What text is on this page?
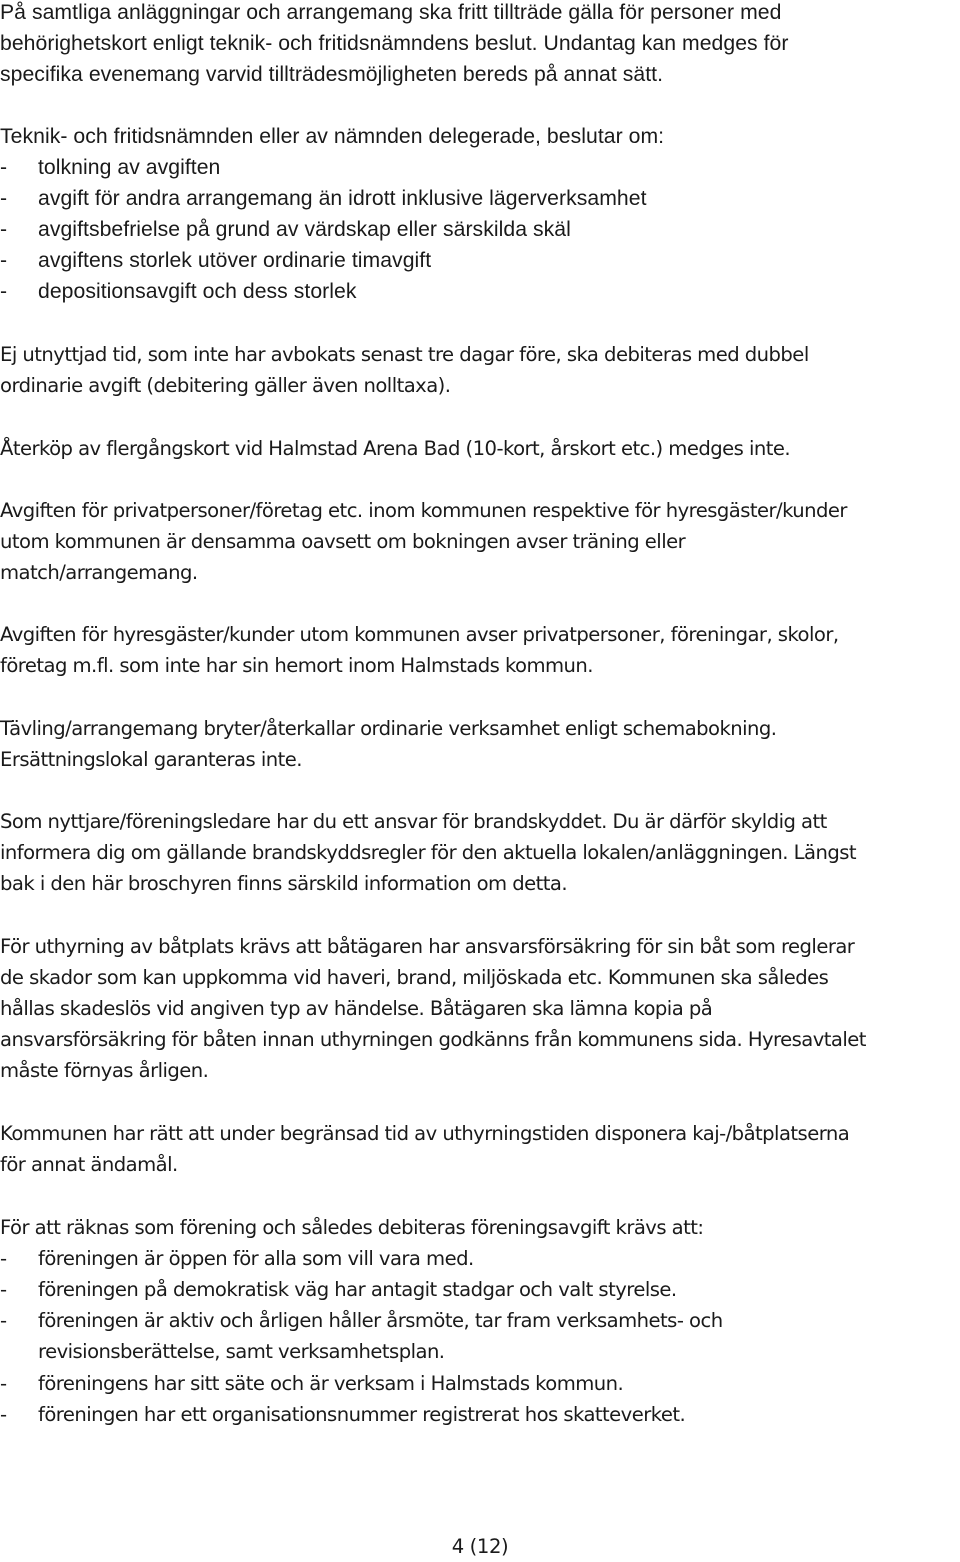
På samtliga anläggningar och arrangemang ska fritt tillträde gälla för personer med
behörighetskort enligt teknik- och fritidsnämndens beslut. Undantag kan medges för
specifika evenemang varvid tillträdesmöjligheten bereds på annat sätt.
Teknik- och fritidsnämnden eller av nämnden delegerade, beslutar om:
- tolkning av avgiften
- avgift för andra arrangemang än idrott inklusive lägerverksamhet
- avgiftsbefrielse på grund av värdskap eller särskilda skäl
- avgiftens storlek utöver ordinarie timavgift
- depositionsavgift och dess storlek
Ej utnyttjad tid, som inte har avbokats senast tre dagar före, ska debiteras med dubbel
ordinarie avgift (debitering gäller även nolltaxa).
Återköp av flergångskort vid Halmstad Arena Bad (10-kort, årskort etc.) medges inte.
Avgiften för privatpersoner/företag etc. inom kommunen respektive för hyresgäster/kunder
utom kommunen är densamma oavsett om bokningen avser träning eller
match/arrangemang.
Avgiften för hyresgäster/kunder utom kommunen avser privatpersoner, föreningar, skolor,
företag m.fl. som inte har sin hemort inom Halmstads kommun.
Tävling/arrangemang bryter/återkallar ordinarie verksamhet enligt schemabokning.
Ersättningslokal garanteras inte.
Som nyttjare/föreningsledare har du ett ansvar för brandskyddet. Du är därför skyldig att
informera dig om gällande brandskyddsregler för den aktuella lokalen/anläggningen. Längst
bak i den här broschyren finns särskild information om detta.
För uthyrning av båtplats krävs att båtägaren har ansvarsförsäkring för sin båt som reglerar
de skador som kan uppkomma vid haveri, brand, miljöskada etc. Kommunen ska således
hållas skadeslös vid angiven typ av händelse. Båtägaren ska lämna kopia på
ansvarsförsäkring för båten innan uthyrningen godkänns från kommunens sida. Hyresavtalet
måste förnyas årligen.
Kommunen har rätt att under begränsad tid av uthyrningstiden disponera kaj-/båtplatserna
för annat ändamål.
För att räknas som förening och således debiteras föreningsavgift krävs att:
- föreningen är öppen för alla som vill vara med.
- föreningen på demokratisk väg har antagit stadgar och valt styrelse.
- föreningen är aktiv och årligen håller årsmöte, tar fram verksamhets- och
revisionsberättelse, samt verksamhetsplan.
- föreningens har sitt säte och är verksam i Halmstads kommun.
- föreningen har ett organisationsnummer registrerat hos skatteverket.
4 (12)
